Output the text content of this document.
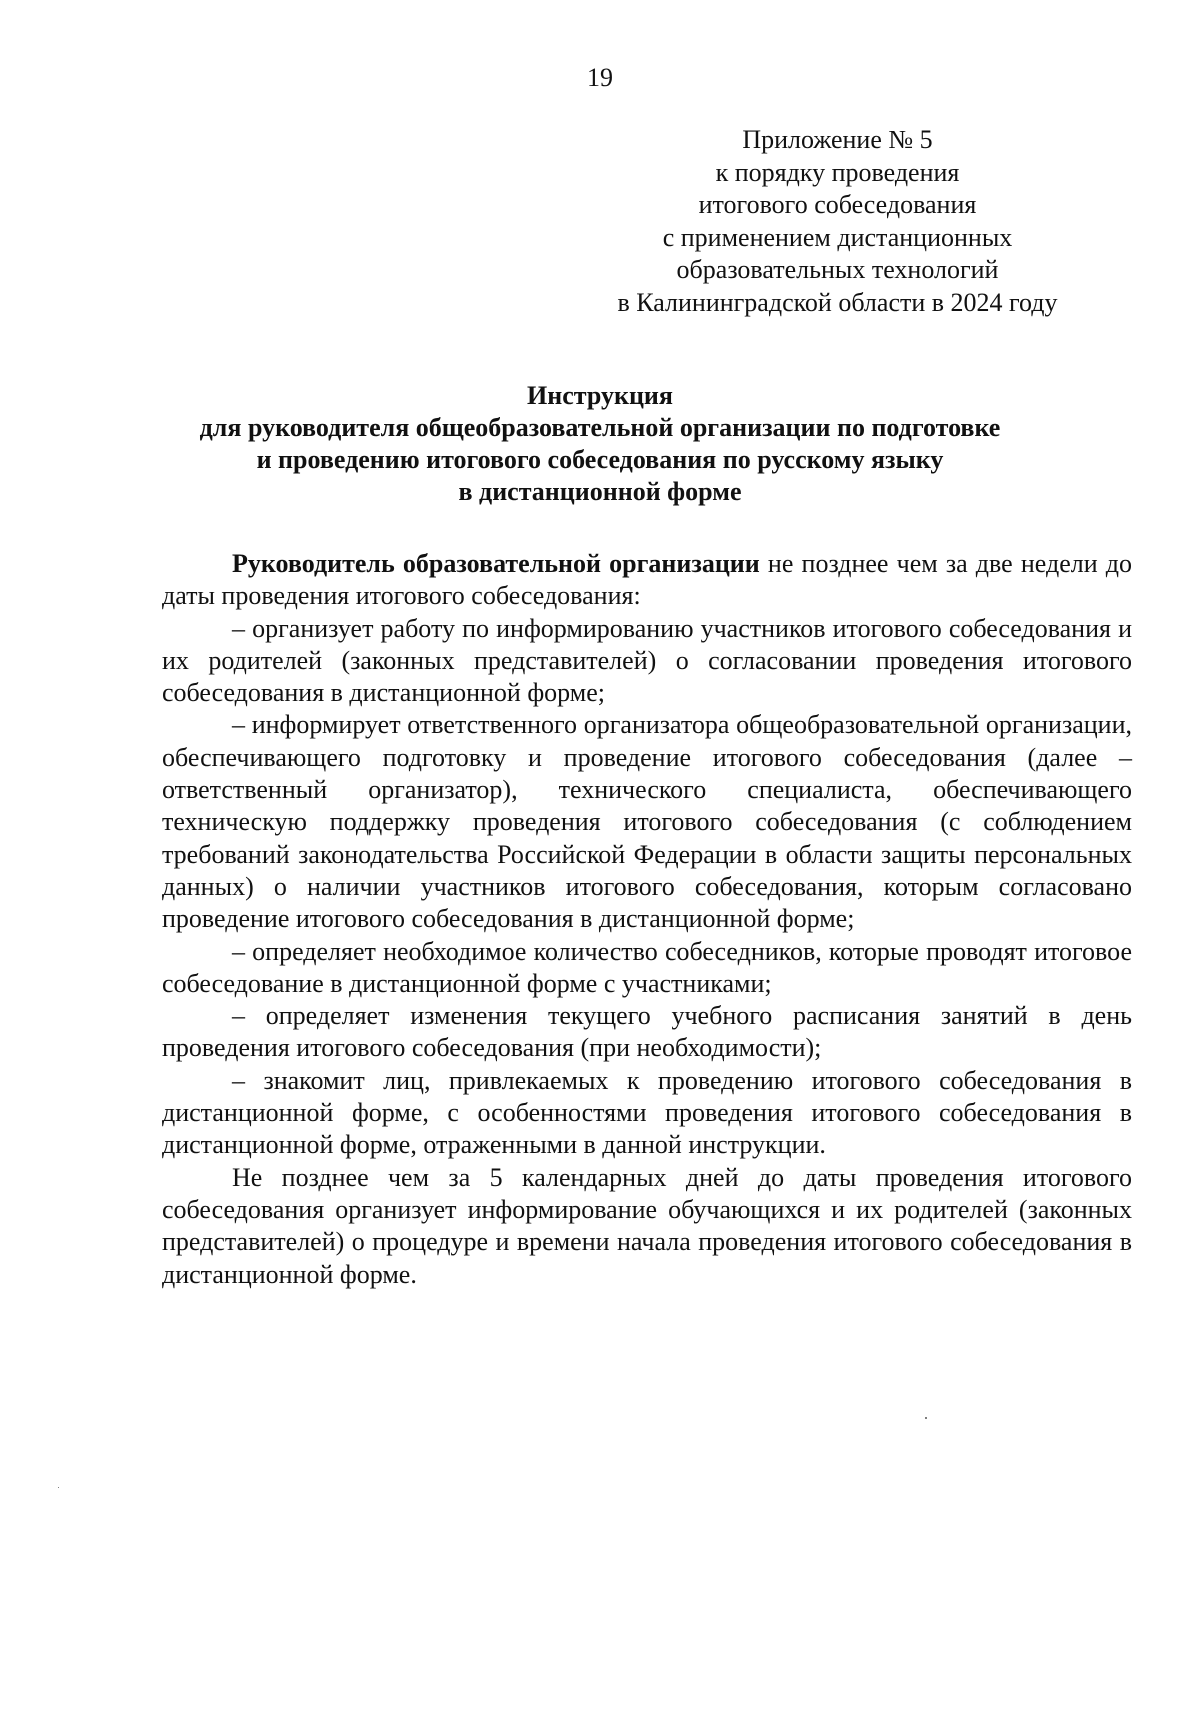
19
Приложение № 5
к порядку проведения
итогового собеседования
с применением дистанционных
образовательных технологий
в Калининградской области в 2024 году
Инструкция
для руководителя общеобразовательной организации по подготовке
и проведению итогового собеседования по русскому языку
в дистанционной форме

Руководитель образовательной организации не позднее чем за две недели до даты проведения итогового собеседования:

– организует работу по информированию участников итогового собеседования и их родителей (законных представителей) о согласовании проведения итогового собеседования в дистанционной форме;

– информирует ответственного организатора общеобразовательной организации, обеспечивающего подготовку и проведение итогового собеседования (далее – ответственный организатор), технического специалиста, обеспечивающего техническую поддержку проведения итогового собеседования (с соблюдением требований законодательства Российской Федерации в области защиты персональных данных) о наличии участников итогового собеседования, которым согласовано проведение итогового собеседования в дистанционной форме;

– определяет необходимое количество собеседников, которые проводят итоговое собеседование в дистанционной форме с участниками;

– определяет изменения текущего учебного расписания занятий в день проведения итогового собеседования (при необходимости);

– знакомит лиц, привлекаемых к проведению итогового собеседования в дистанционной форме, с особенностями проведения итогового собеседования в дистанционной форме, отраженными в данной инструкции.

Не позднее чем за 5 календарных дней до даты проведения итогового собеседования организует информирование обучающихся и их родителей (законных представителей) о процедуре и времени начала проведения итогового собеседования в дистанционной форме.
